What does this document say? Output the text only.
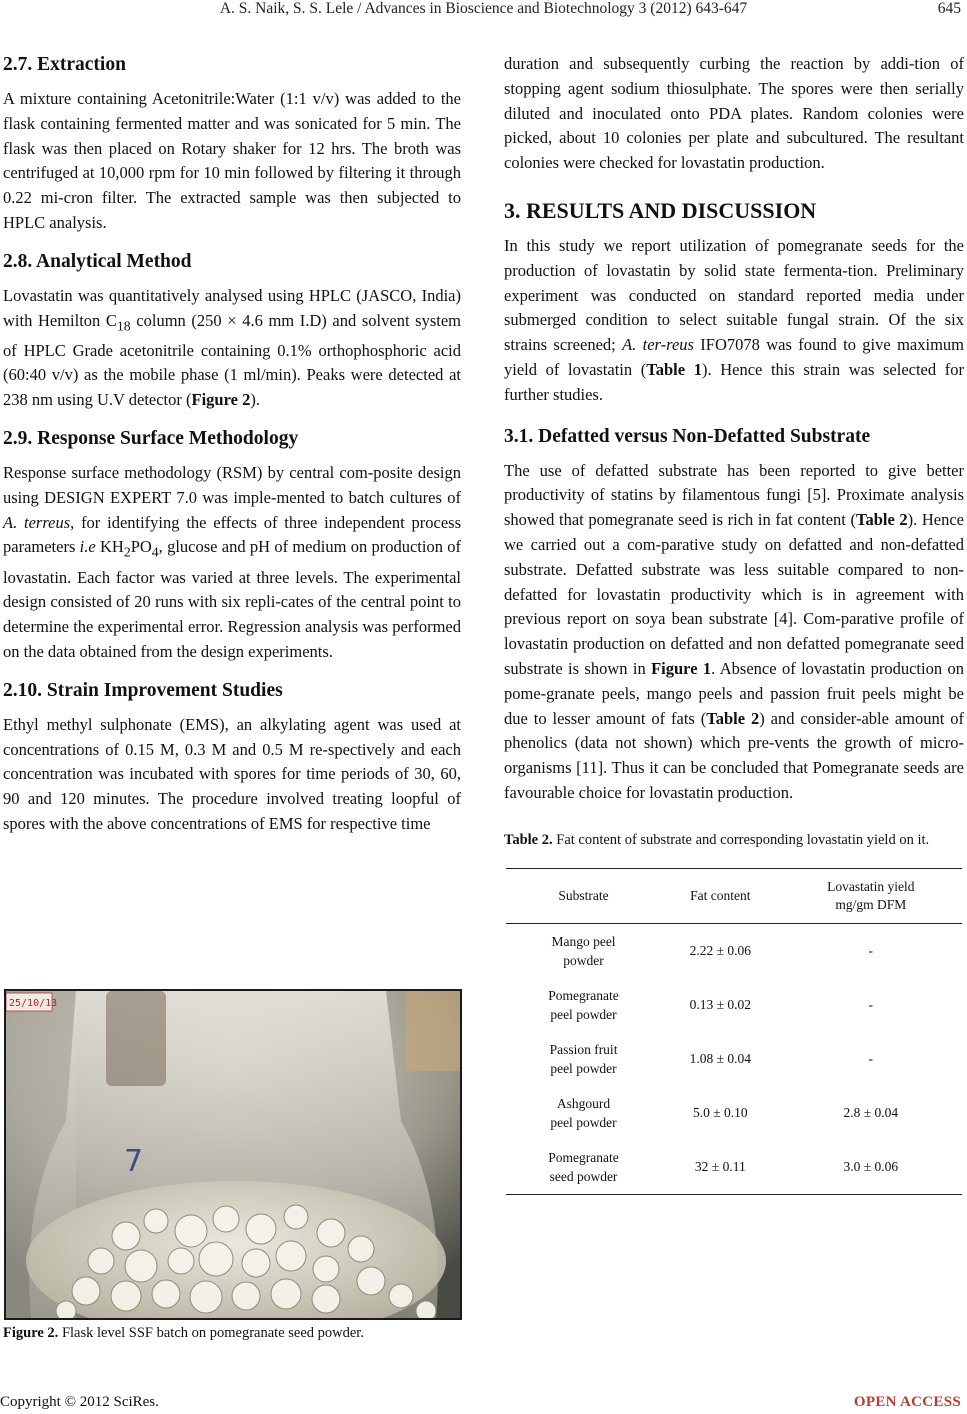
A. S. Naik, S. S. Lele / Advances in Bioscience and Biotechnology 3 (2012) 643-647	645
2.7. Extraction

A mixture containing Acetonitrile:Water (1:1 v/v) was added to the flask containing fermented matter and was sonicated for 5 min. The flask was then placed on Rotary shaker for 12 hrs. The broth was centrifuged at 10,000 rpm for 10 min followed by filtering it through 0.22 mi-cron filter. The extracted sample was then subjected to HPLC analysis.

2.8. Analytical Method

Lovastatin was quantitatively analysed using HPLC (JASCO, India) with Hemilton $C_{18}$ column (250 × 4.6 mm I.D) and solvent system of HPLC Grade acetonitrile containing 0.1% orthophosphoric acid (60:40 v/v) as the mobile phase (1 ml/min). Peaks were detected at 238 nm using U.V detector (Figure 2).

2.9. Response Surface Methodology

Response surface methodology (RSM) by central com-posite design using DESIGN EXPERT 7.0 was imple-mented to batch cultures of A. terreus, for identifying the effects of three independent process parameters i.e $KH_2PO_4$, glucose and pH of medium on production of lovastatin. Each factor was varied at three levels. The experimental design consisted of 20 runs with six repli-cates of the central point to determine the experimental error. Regression analysis was performed on the data obtained from the design experiments.

2.10. Strain Improvement Studies

Ethyl methyl sulphonate (EMS), an alkylating agent was used at concentrations of 0.15 M, 0.3 M and 0.5 M re-spectively and each concentration was incubated with spores for time periods of 30, 60, 90 and 120 minutes. The procedure involved treating loopful of spores with the above concentrations of EMS for respective time

25/10/13
7
Figure 2. Flask level SSF batch on pomegranate seed powder.

duration and subsequently curbing the reaction by addi-tion of stopping agent sodium thiosulphate. The spores were then serially diluted and inoculated onto PDA plates. Random colonies were picked, about 10 colonies per plate and subcultured. The resultant colonies were checked for lovastatin production.

3. RESULTS AND DISCUSSION

In this study we report utilization of pomegranate seeds for the production of lovastatin by solid state fermenta-tion. Preliminary experiment was conducted on standard reported media under submerged condition to select suitable fungal strain. Of the six strains screened; A. ter-reus IFO7078 was found to give maximum yield of lovastatin (Table 1). Hence this strain was selected for further studies.

3.1. Defatted versus Non-Defatted Substrate

The use of defatted substrate has been reported to give better productivity of statins by filamentous fungi [5]. Proximate analysis showed that pomegranate seed is rich in fat content (Table 2). Hence we carried out a com-parative study on defatted and non-defatted substrate. Defatted substrate was less suitable compared to non-defatted for lovastatin productivity which is in agreement with previous report on soya bean substrate [4]. Com-parative profile of lovastatin production on defatted and non defatted pomegranate seed substrate is shown in Figure 1. Absence of lovastatin production on pome-granate peels, mango peels and passion fruit peels might be due to lesser amount of fats (Table 2) and consider-able amount of phenolics (data not shown) which pre-vents the growth of micro-organisms [11]. Thus it can be concluded that Pomegranate seeds are favourable choice for lovastatin production.

Table 2. Fat content of substrate and corresponding lovastatin yield on it.
Substrate	Fat content	Lovastatin yield
mg/gm DFM
Mango peel
powder	2.22 ± 0.06	-
Pomegranate
peel powder	0.13 ± 0.02	-
Passion fruit
peel powder	1.08 ± 0.04	-
Ashgourd
peel powder	5.0 ± 0.10	2.8 ± 0.04
Pomegranate
seed powder	32 ± 0.11	3.0 ± 0.06
Copyright © 2012 SciRes.	OPEN ACCESS
